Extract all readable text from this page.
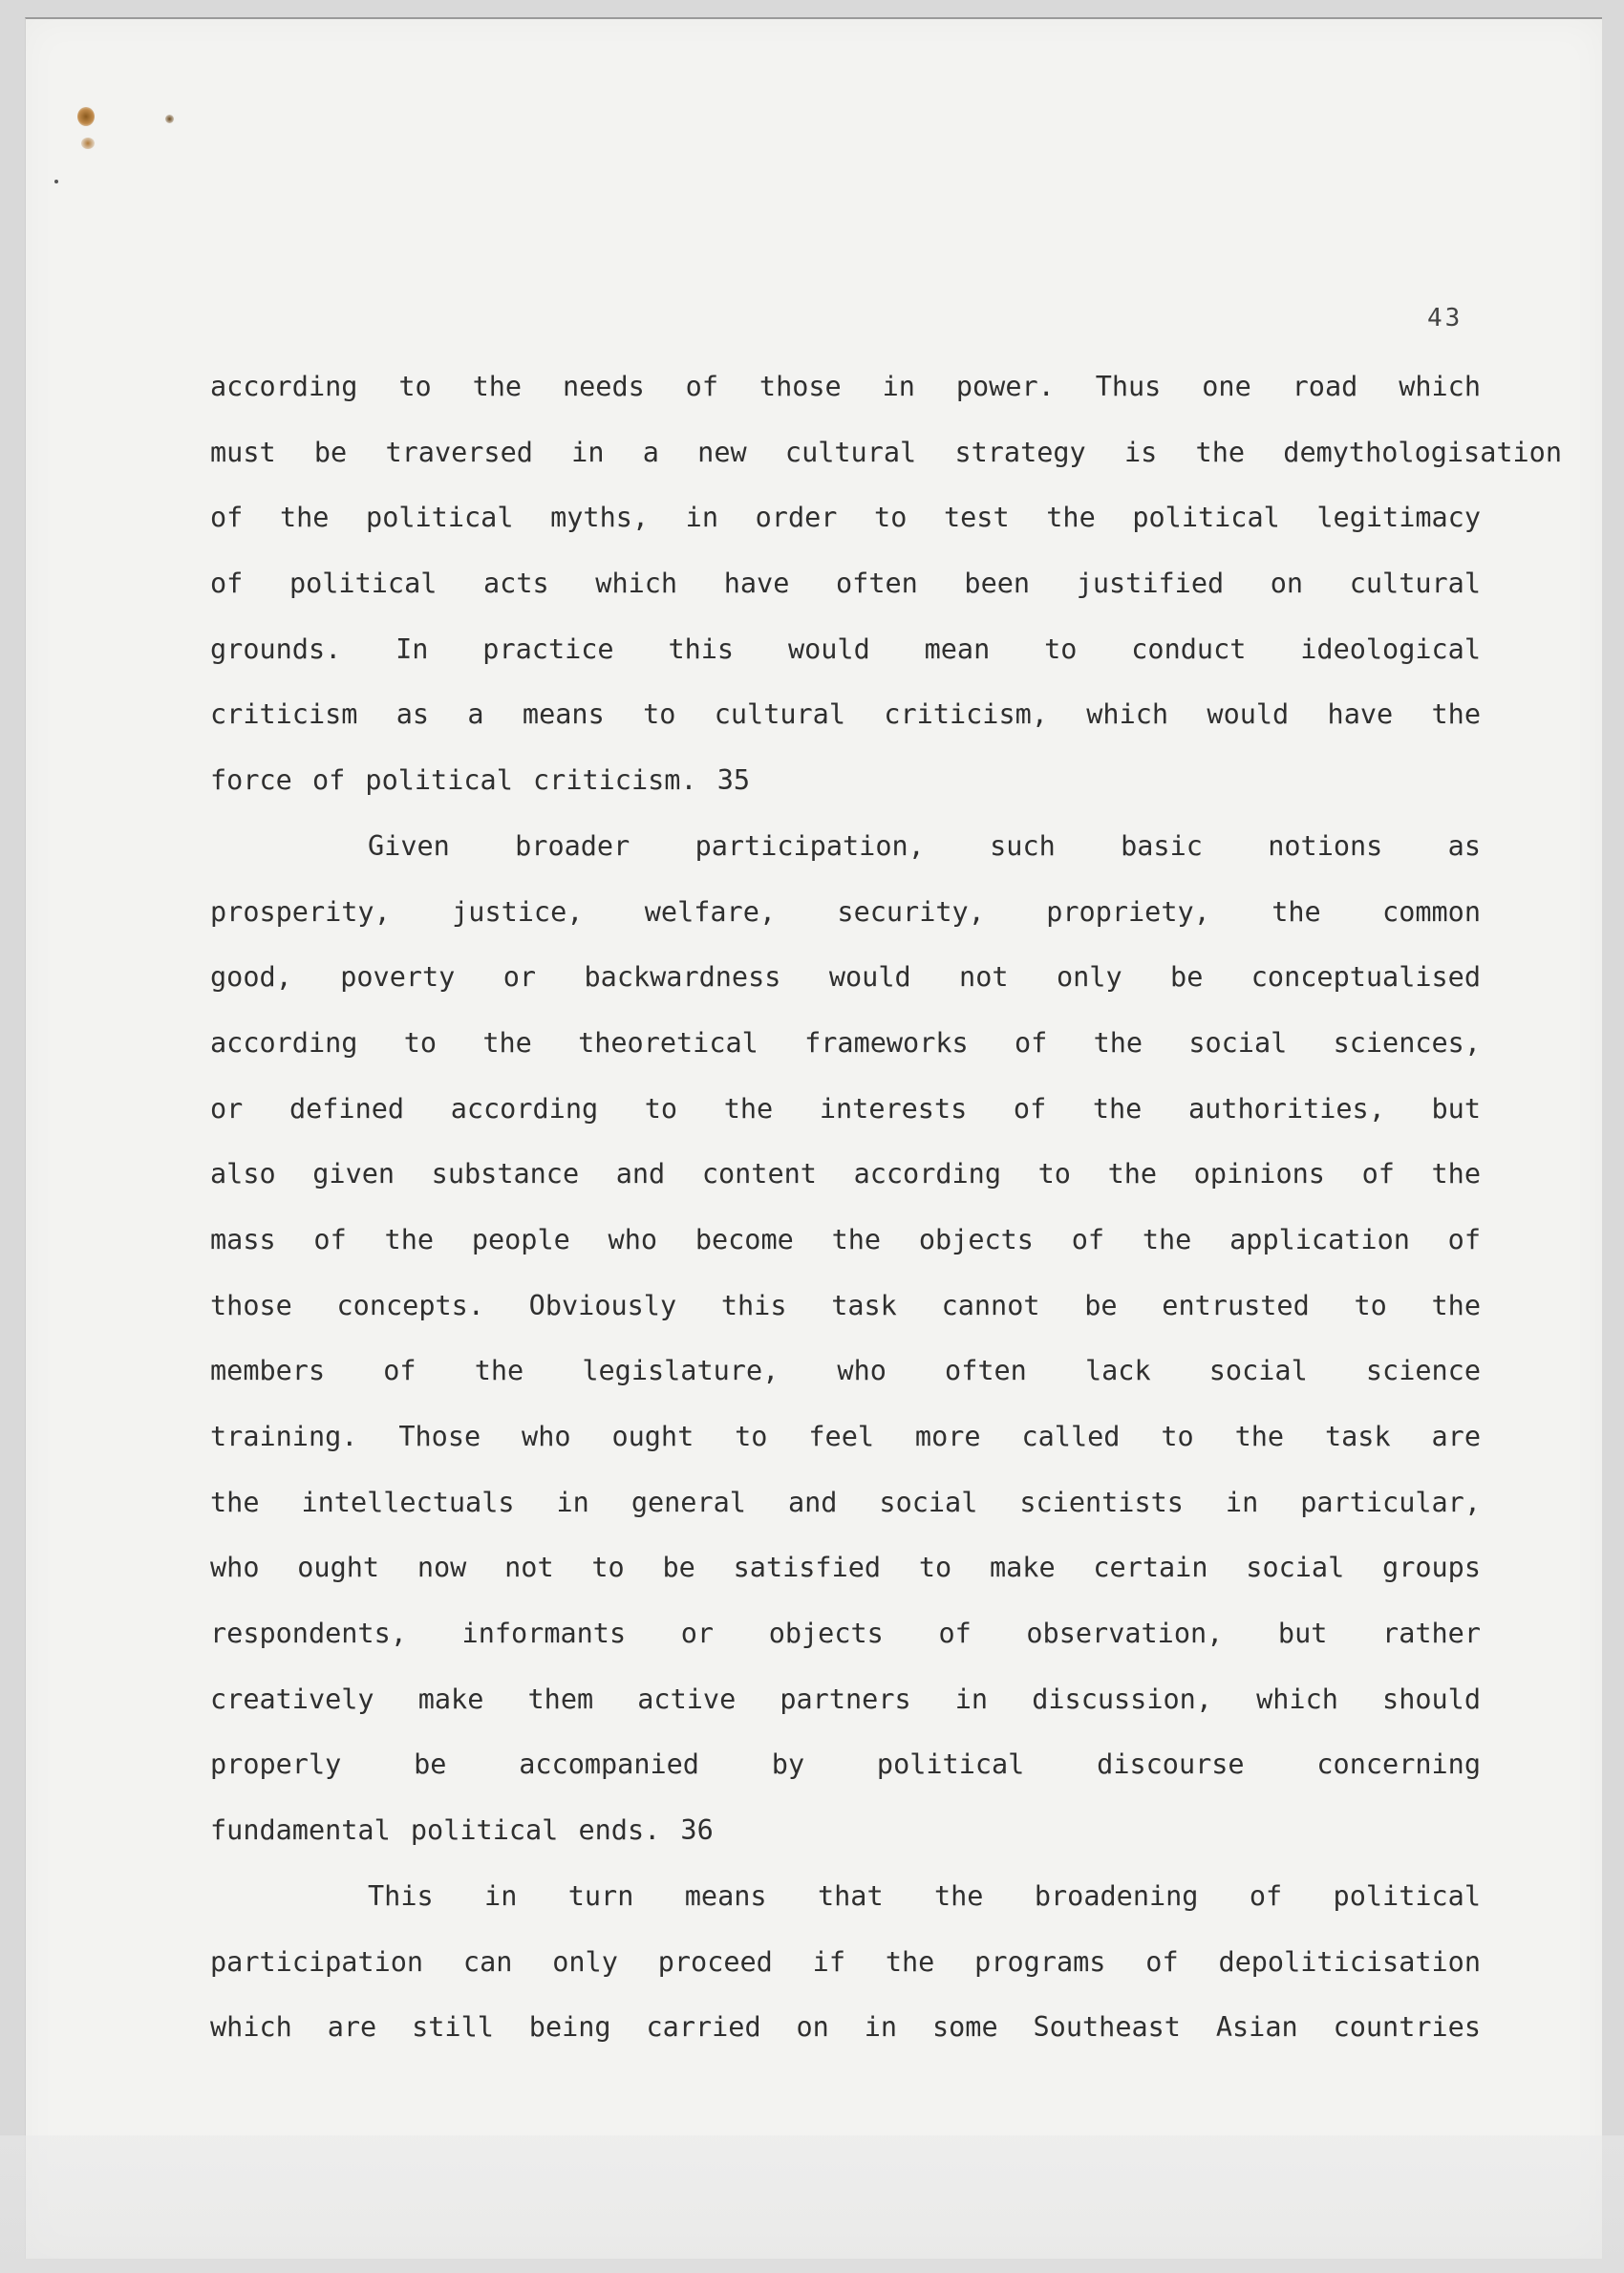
43
according to the needs of those in power. Thus one road which
must be traversed in a new cultural strategy is the demythologisation
of the political myths, in order to test the political legitimacy
of political acts which have often been justified on cultural
grounds. In practice this would mean to conduct ideological
criticism as a means to cultural criticism, which would have the
force of political criticism. 35
Given broader participation, such basic notions as
prosperity, justice, welfare, security, propriety, the common
good, poverty or backwardness would not only be conceptualised
according to the theoretical frameworks of the social sciences,
or defined according to the interests of the authorities, but
also given substance and content according to the opinions of the
mass of the people who become the objects of the application of
those concepts. Obviously this task cannot be entrusted to the
members of the legislature, who often lack social science
training. Those who ought to feel more called to the task are
the intellectuals in general and social scientists in particular,
who ought now not to be satisfied to make certain social groups
respondents, informants or objects of observation, but rather
creatively make them active partners in discussion, which should
properly be accompanied by political discourse concerning
fundamental political ends. 36
This in turn means that the broadening of political
participation can only proceed if the programs of depoliticisation
which are still being carried on in some Southeast Asian countries
